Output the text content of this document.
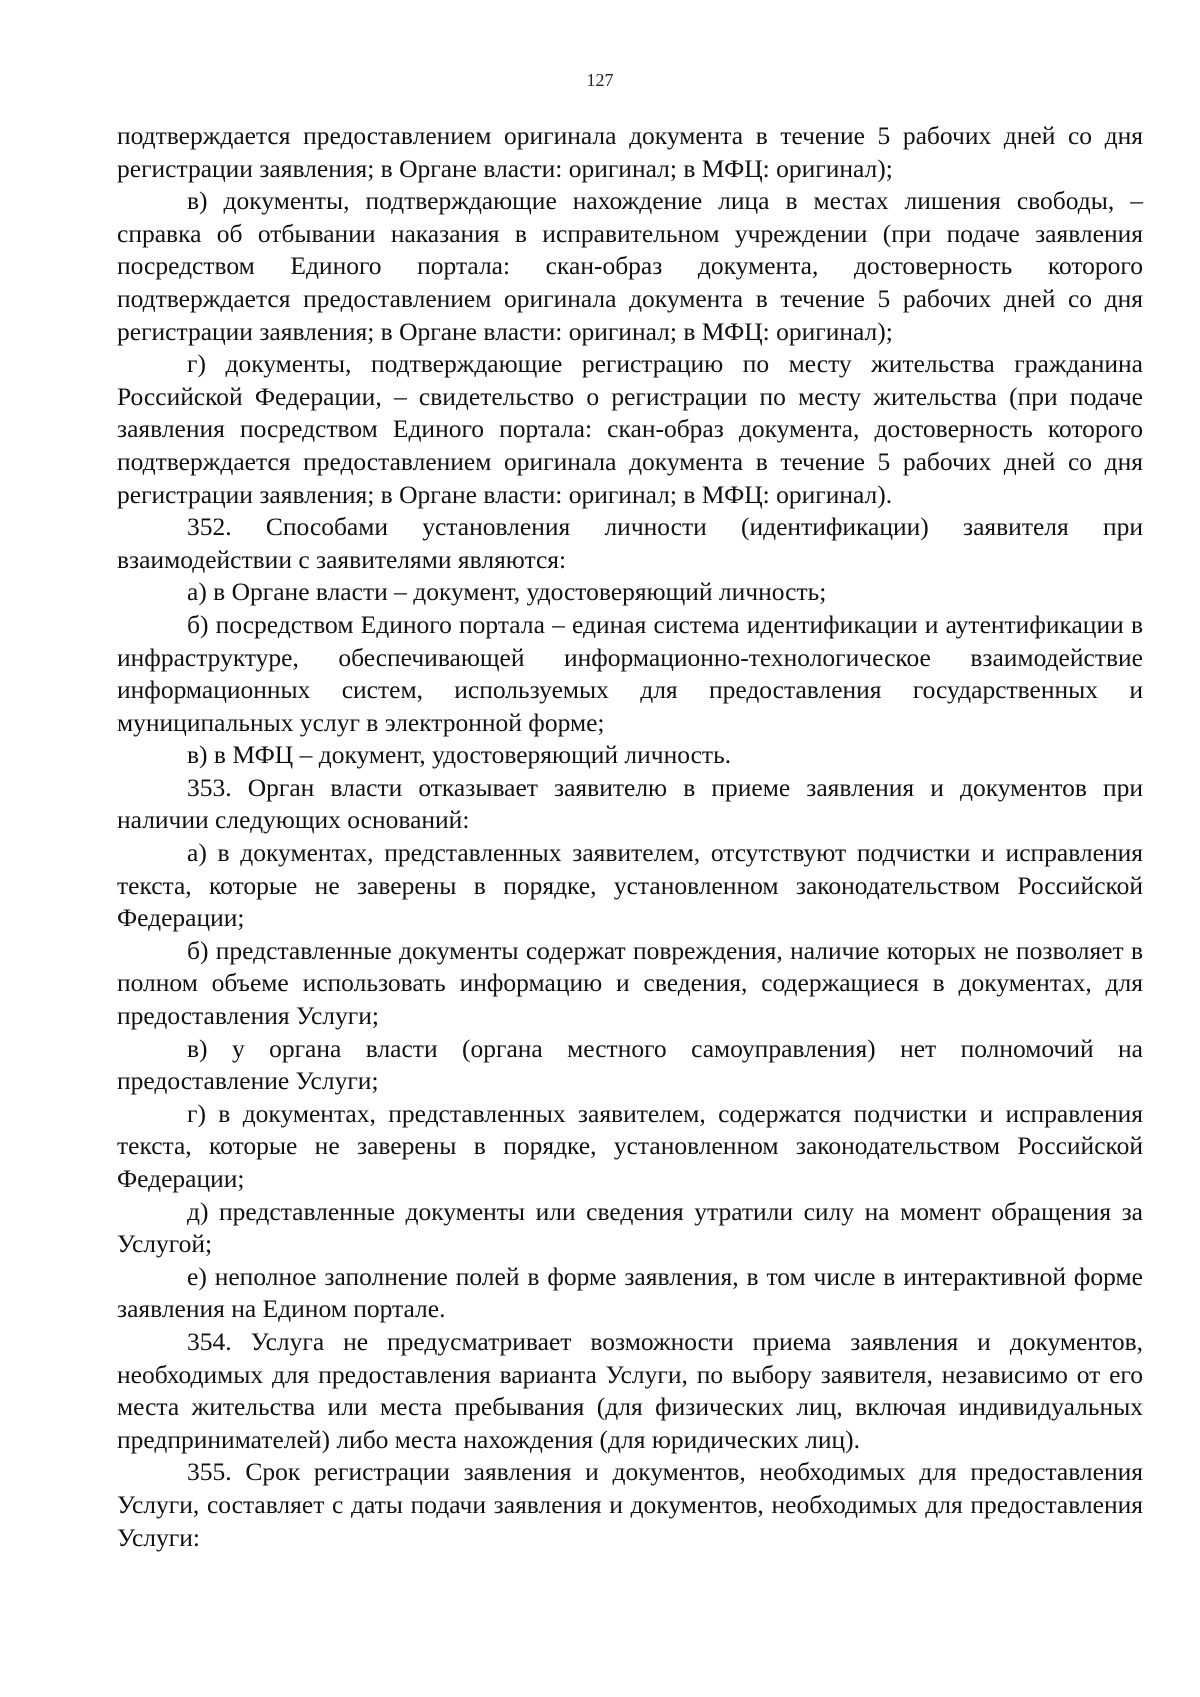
127

подтверждается предоставлением оригинала документа в течение 5 рабочих дней со дня регистрации заявления; в Органе власти: оригинал; в МФЦ: оригинал);

в) документы, подтверждающие нахождение лица в местах лишения свободы, – справка об отбывании наказания в исправительном учреждении (при подаче заявления посредством Единого портала: скан-образ документа, достоверность которого подтверждается предоставлением оригинала документа в течение 5 рабочих дней со дня регистрации заявления; в Органе власти: оригинал; в МФЦ: оригинал);

г) документы, подтверждающие регистрацию по месту жительства гражданина Российской Федерации, – свидетельство о регистрации по месту жительства (при подаче заявления посредством Единого портала: скан-образ документа, достоверность которого подтверждается предоставлением оригинала документа в течение 5 рабочих дней со дня регистрации заявления; в Органе власти: оригинал; в МФЦ: оригинал).

352. Способами установления личности (идентификации) заявителя при взаимодействии с заявителями являются:

а) в Органе власти – документ, удостоверяющий личность;

б) посредством Единого портала – единая система идентификации и аутентификации в инфраструктуре, обеспечивающей информационно-технологическое взаимодействие информационных систем, используемых для предоставления государственных и муниципальных услуг в электронной форме;

в) в МФЦ – документ, удостоверяющий личность.

353. Орган власти отказывает заявителю в приеме заявления и документов при наличии следующих оснований:

а) в документах, представленных заявителем, отсутствуют подчистки и исправления текста, которые не заверены в порядке, установленном законодательством Российской Федерации;

б) представленные документы содержат повреждения, наличие которых не позволяет в полном объеме использовать информацию и сведения, содержащиеся в документах, для предоставления Услуги;

в) у органа власти (органа местного самоуправления) нет полномочий на предоставление Услуги;

г) в документах, представленных заявителем, содержатся подчистки и исправления текста, которые не заверены в порядке, установленном законодательством Российской Федерации;

д) представленные документы или сведения утратили силу на момент обращения за Услугой;

е) неполное заполнение полей в форме заявления, в том числе в интерактивной форме заявления на Едином портале.

354. Услуга не предусматривает возможности приема заявления и документов, необходимых для предоставления варианта Услуги, по выбору заявителя, независимо от его места жительства или места пребывания (для физических лиц, включая индивидуальных предпринимателей) либо места нахождения (для юридических лиц).

355. Срок регистрации заявления и документов, необходимых для предоставления Услуги, составляет с даты подачи заявления и документов, необходимых для предоставления Услуги:
